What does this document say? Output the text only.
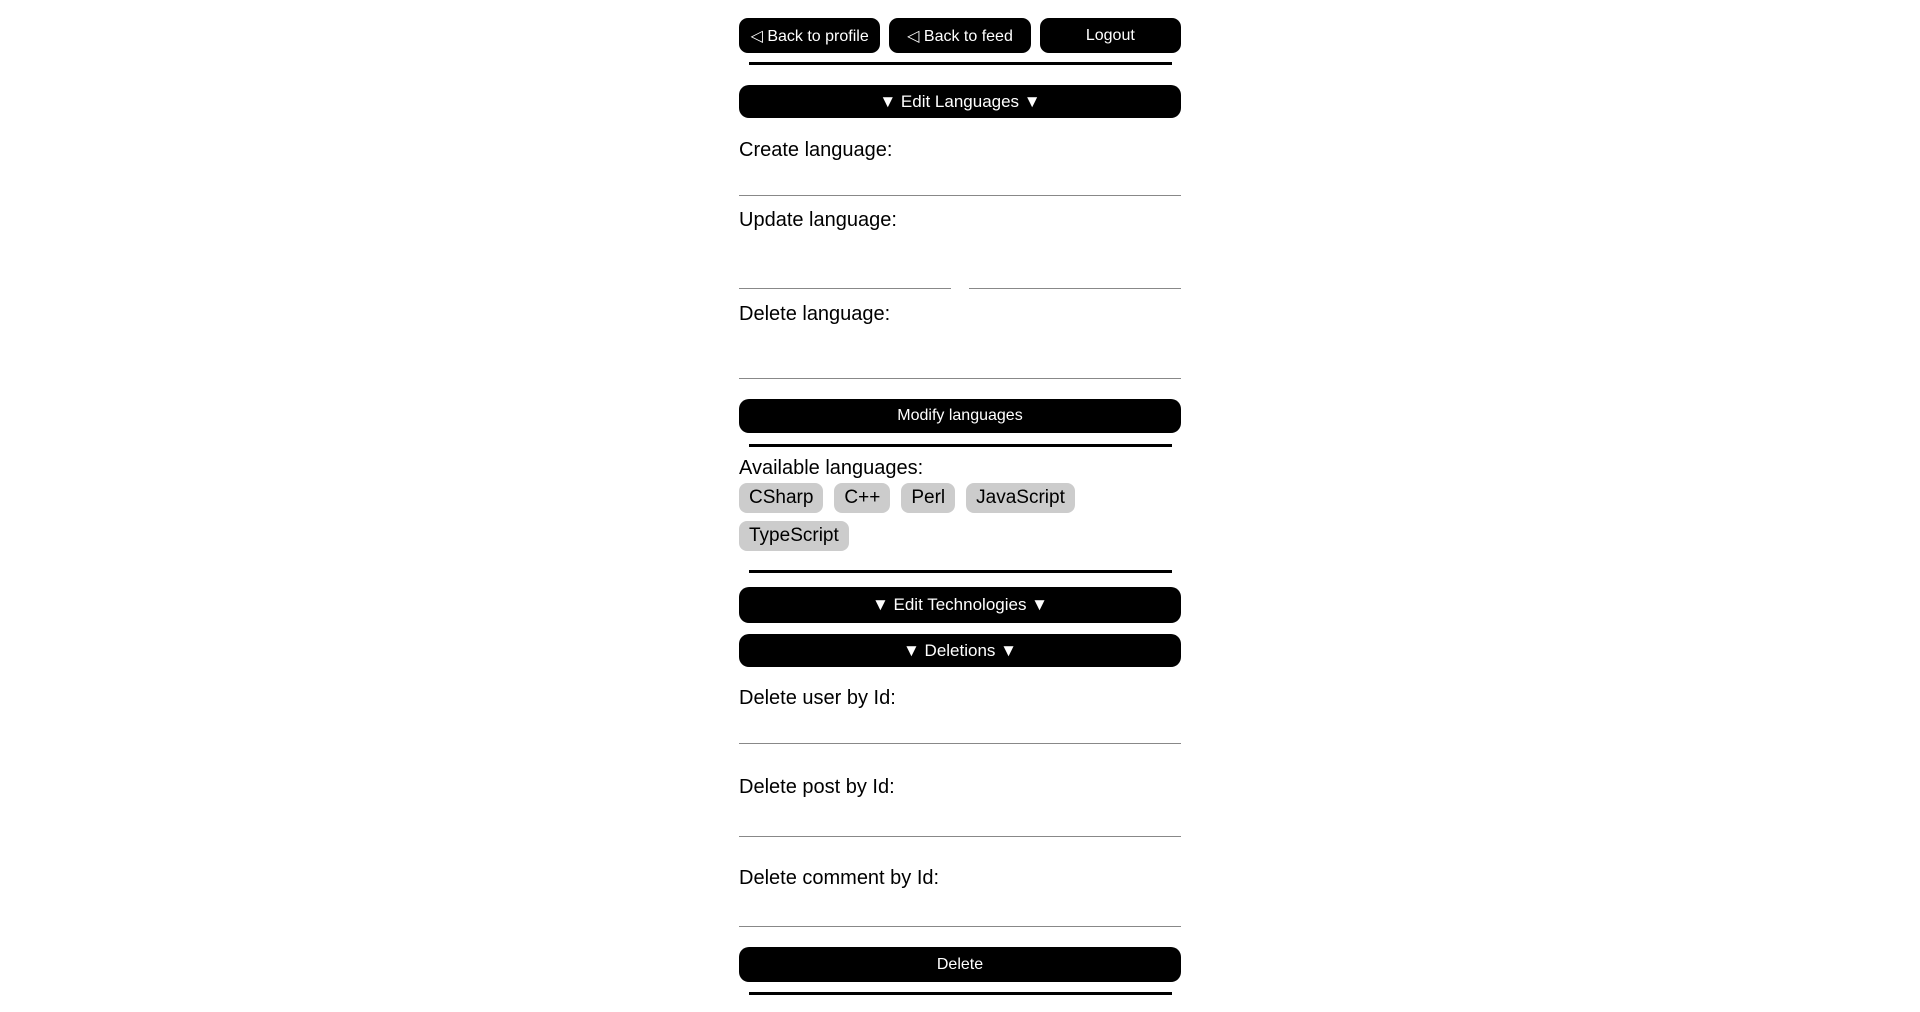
◁ Back to profile	◁ Back to feed	Logout
▼ Edit Languages ▼
Create language:
Update language:
Delete language:
Modify languages
Available languages:
CSharp	C++	Perl	JavaScript
TypeScript
▼ Edit Technologies ▼
▼ Deletions ▼
Delete user by Id:
Delete post by Id:
Delete comment by Id:
Delete
